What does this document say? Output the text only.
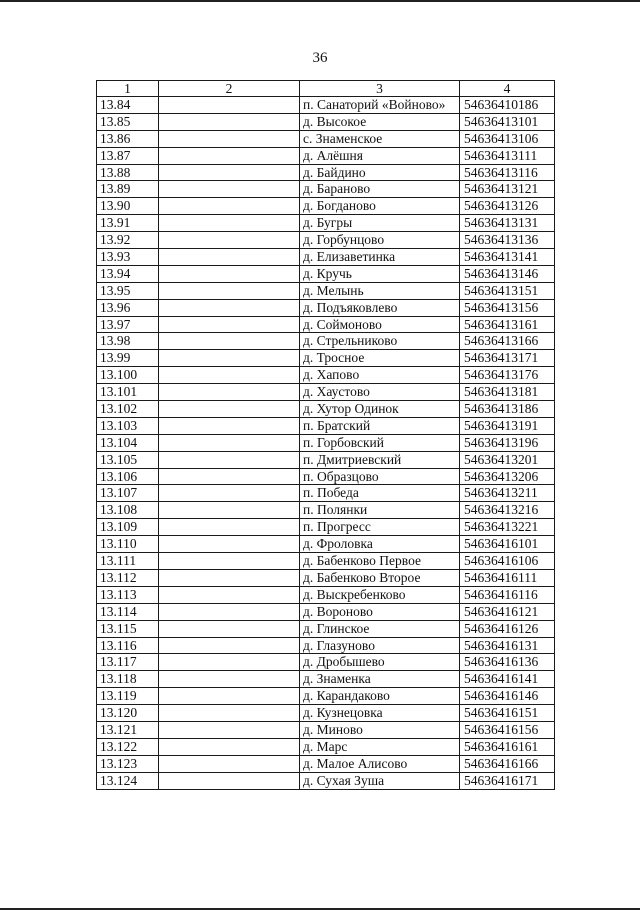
36
1	2	3	4
13.84		п. Санаторий «Войново»	54636410186
13.85		д. Высокое	54636413101
13.86		с. Знаменское	54636413106
13.87		д. Алёшня	54636413111
13.88		д. Байдино	54636413116
13.89		д. Бараново	54636413121
13.90		д. Богданово	54636413126
13.91		д. Бугры	54636413131
13.92		д. Горбунцово	54636413136
13.93		д. Елизаветинка	54636413141
13.94		д. Кручь	54636413146
13.95		д. Мелынь	54636413151
13.96		д. Подъяковлево	54636413156
13.97		д. Соймоново	54636413161
13.98		д. Стрельниково	54636413166
13.99		д. Тросное	54636413171
13.100		д. Хапово	54636413176
13.101		д. Хаустово	54636413181
13.102		д. Хутор Одинок	54636413186
13.103		п. Братский	54636413191
13.104		п. Горбовский	54636413196
13.105		п. Дмитриевский	54636413201
13.106		п. Образцово	54636413206
13.107		п. Победа	54636413211
13.108		п. Полянки	54636413216
13.109		п. Прогресс	54636413221
13.110		д. Фроловка	54636416101
13.111		д. Бабенково Первое	54636416106
13.112		д. Бабенково Второе	54636416111
13.113		д. Выскребенково	54636416116
13.114		д. Вороново	54636416121
13.115		д. Глинское	54636416126
13.116		д. Глазуново	54636416131
13.117		д. Дробышево	54636416136
13.118		д. Знаменка	54636416141
13.119		д. Карандаково	54636416146
13.120		д. Кузнецовка	54636416151
13.121		д. Миново	54636416156
13.122		д. Марс	54636416161
13.123		д. Малое Алисово	54636416166
13.124		д. Сухая Зуша	54636416171
